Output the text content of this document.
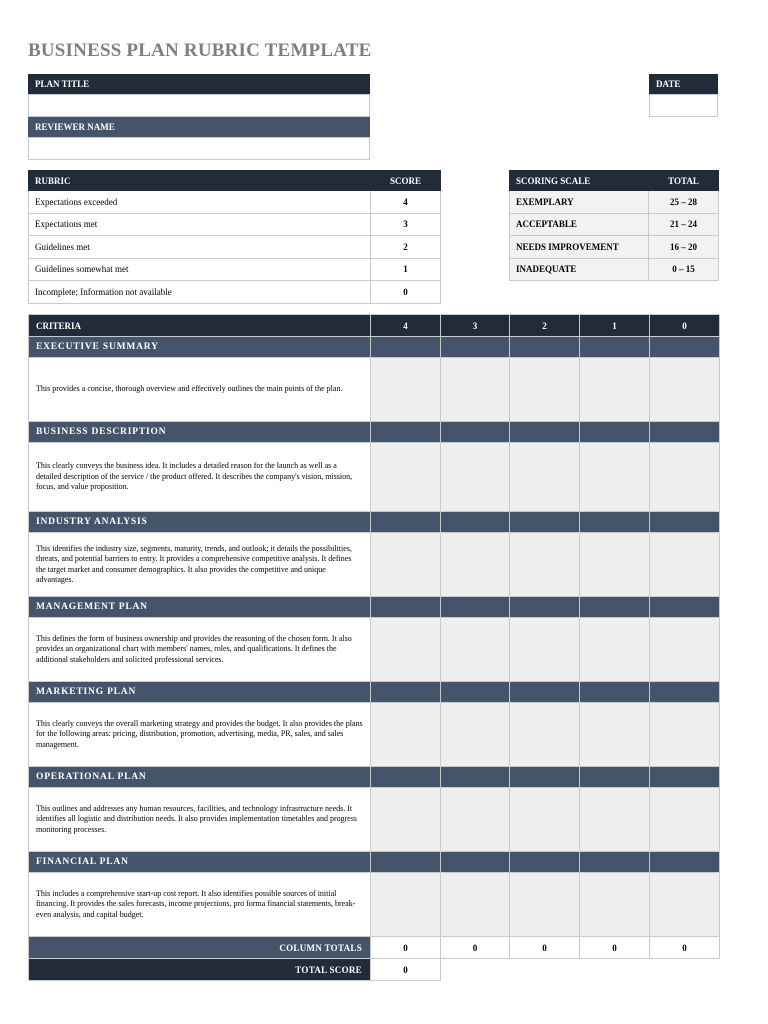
BUSINESS PLAN RUBRIC TEMPLATE
PLAN TITLE
REVIEWER NAME
DATE
RUBRIC	SCORE
Expectations exceeded	4
Expectations met	3
Guidelines met	2
Guidelines somewhat met	1
Incomplete; Information not available	0
SCORING SCALE	TOTAL
EXEMPLARY	25 – 28
ACCEPTABLE	21 – 24
NEEDS IMPROVEMENT	16 – 20
INADEQUATE	0 – 15
CRITERIA	4	3	2	1	0
EXECUTIVE SUMMARY					
This provides a concise, thorough overview and effectively outlines the main points of the plan.					
BUSINESS DESCRIPTION					
This clearly conveys the business idea. It includes a detailed reason for the launch as well as a detailed description of the service / the product offered. It describes the company's vision, mission, focus, and value proposition.					
INDUSTRY ANALYSIS					
This identifies the industry size, segments, maturity, trends, and outlook; it details the possibilities, threats, and potential barriers to entry. It provides a comprehensive competitive analysis. It defines the target market and consumer demographics. It also provides the competitive and unique advantages.					
MANAGEMENT PLAN					
This defines the form of business ownership and provides the reasoning of the chosen form. It also provides an organizational chart with members' names, roles, and qualifications. It defines the additional stakeholders and solicited professional services.					
MARKETING PLAN					
This clearly conveys the overall marketing strategy and provides the budget. It also provides the plans for the following areas: pricing, distribution, promotion, advertising, media, PR, sales, and sales management.					
OPERATIONAL PLAN					
This outlines and addresses any human resources, facilities, and technology infrastructure needs. It identifies all logistic and distribution needs. It also provides implementation timetables and progress monitoring processes.					
FINANCIAL PLAN					
This includes a comprehensive start-up cost report. It also identifies possible sources of initial financing. It provides the sales forecasts, income projections, pro forma financial statements, break-even analysis, and capital budget.					
COLUMN TOTALS	0	0	0	0	0
TOTAL SCORE	0				
